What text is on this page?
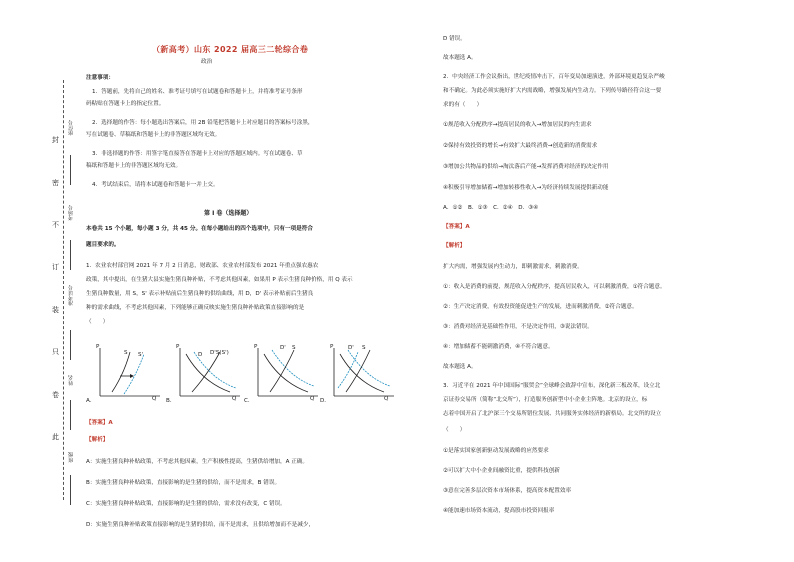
封
密
不
订
装
只
卷
此
座位号
考场号
准考证号
姓名
班级
（新高考）山东 2022 届高三二轮综合卷
政治
注意事项：
1．答题前，先将自己的姓名、准考证号填写在试题卷和答题卡上，并将准考证号条形
码粘贴在答题卡上的指定位置。
2．选择题的作答：每小题选出答案后，用 2B 铅笔把答题卡上对应题目的答案标号涂黑，
写在试题卷、草稿纸和答题卡上的非答题区域均无效。
3．非选择题的作答：用签字笔直接答在答题卡上对应的答题区域内。写在试题卷、草
稿纸和答题卡上的非答题区域均无效。
4．考试结束后，请将本试题卷和答题卡一并上交。
第 I 卷（选择题）
本卷共 15 个小题，每小题 3 分，共 45 分。在每小题给出的四个选项中，只有一项是符合
题目要求的。
1．农业农村部官网 2021 年 7 月 2 日消息，财政部、农业农村部发布 2021 年重点强农惠农
政策，其中提出，在生猪大县实施生猪良种补贴，不考虑其他因素，如果用 P 表示生猪良种价格，用 Q 表示
生猪良种数量，用 S，S' 表示补贴前后生猪良种的供给曲线，用 D，D' 表示补贴前后生猪良
种的需求曲线，不考虑其他因素，下列能够正确反映实施生猪良种补贴政策直接影响的是
（　　）
P
S S'
Q
A．
P
D D'S(S')
Q
B．
P	D' S
Q
C．
P	D' S
Q
D．
【答案】A
【解析】
A：实施生猪良种补贴政策，不考虑其他因素，生产积极性提高，生猪供给增加，A 正确。
B：实施生猪良种补贴政策，直接影响的是生猪的供给，而不是需求，B 错误。
C：实施生猪良种补贴政策，直接影响的是生猪的供给，需求没有改变，C 错误。
D：实施生猪良种补贴政策直接影响的是生猪的供给，而不是需求，且供给增加而不是减少，
D 错误。
故本题选 A。
2．中央经济工作会议指出，世纪疫情冲击下，百年变局加速演进，外部环境更趋复杂严峻
和不确定。为此必须实施好扩大内需战略，增强发展内生动力。下列传导路径符合这一要
求的有（　　）
①规范收入分配秩序→提高居民的收入→增加居民的内生需求
②保持有效投资的增长→有效扩大最终消费→创造新的消费需求
③增加公共物品的供给→淘汰落后产能→发挥消费对经济的决定作用
④积极引导增加储蓄→增加转移性收入→为经济持续发展提供新动能
A．①②　B．①③　C．②④　D．③④
【答案】A
【解析】
扩大内需，增强发展内生动力，即刺激需求，刺激消费。
①：收入是消费的前提，规范收入分配秩序，提高居民收入，可以刺激消费，①符合题意。
②：生产决定消费，有效投资能促进生产的发展，进而刺激消费，②符合题意。
③：消费对经济是基础性作用，不是决定作用，③说法错误。
④：增加储蓄不能刺激消费，④不符合题意。
故本题选 A。
3．习近平在 2021 年中国国际“服贸会”全球峰会致辞中宣布，深化新三板改革，设立北
京证券交易所（简称“北交所”），打造服务创新型中小企业主阵地。北京的设立，标
志着中国开启了北沪深三个交易所错位发展、共同服务实体经济的新格局。北交所的设立
（　　）
①是落实国家创新驱动发展战略的应然要求
②可以扩大中小企业间融资比重，提供科技创新
③意在完善多层次资本市场体系，提高资本配置效率
④能加速市场资本流动，提高股市投资回报率
